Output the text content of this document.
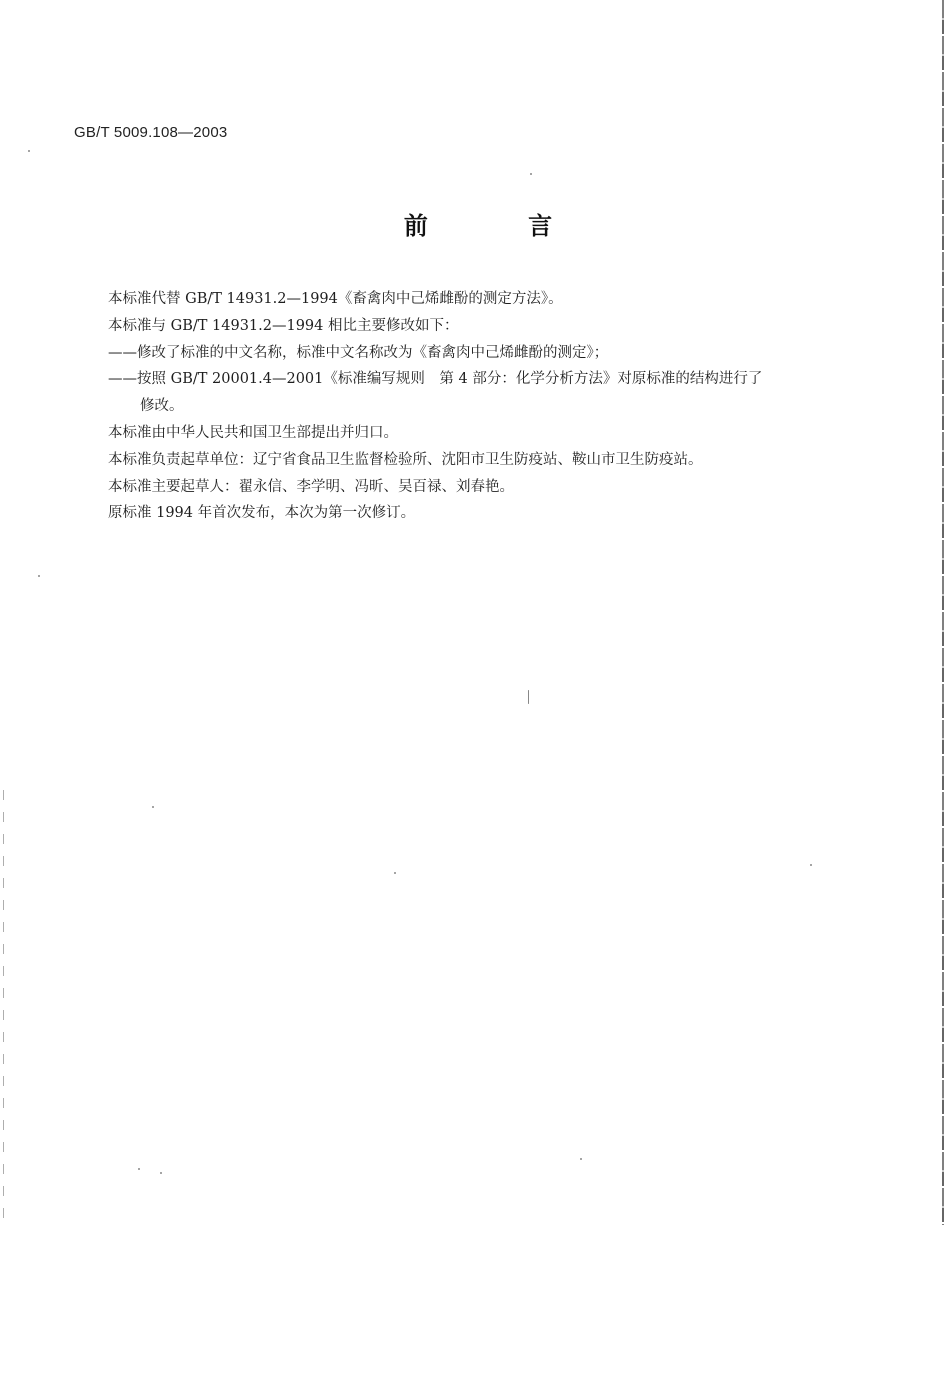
GB/T 5009.108—2003
前 言

本标准代替 GB/T 14931.2—1994《畜禽肉中己烯雌酚的测定方法》。

本标准与 GB/T 14931.2—1994 相比主要修改如下：

——修改了标准的中文名称，标准中文名称改为《畜禽肉中己烯雌酚的测定》；

——按照 GB/T 20001.4—2001《标准编写规则　第 4 部分：化学分析方法》对原标准的结构进行了

修改。

本标准由中华人民共和国卫生部提出并归口。

本标准负责起草单位：辽宁省食品卫生监督检验所、沈阳市卫生防疫站、鞍山市卫生防疫站。

本标准主要起草人：翟永信、李学明、冯昕、吴百禄、刘春艳。

原标准 1994 年首次发布，本次为第一次修订。
